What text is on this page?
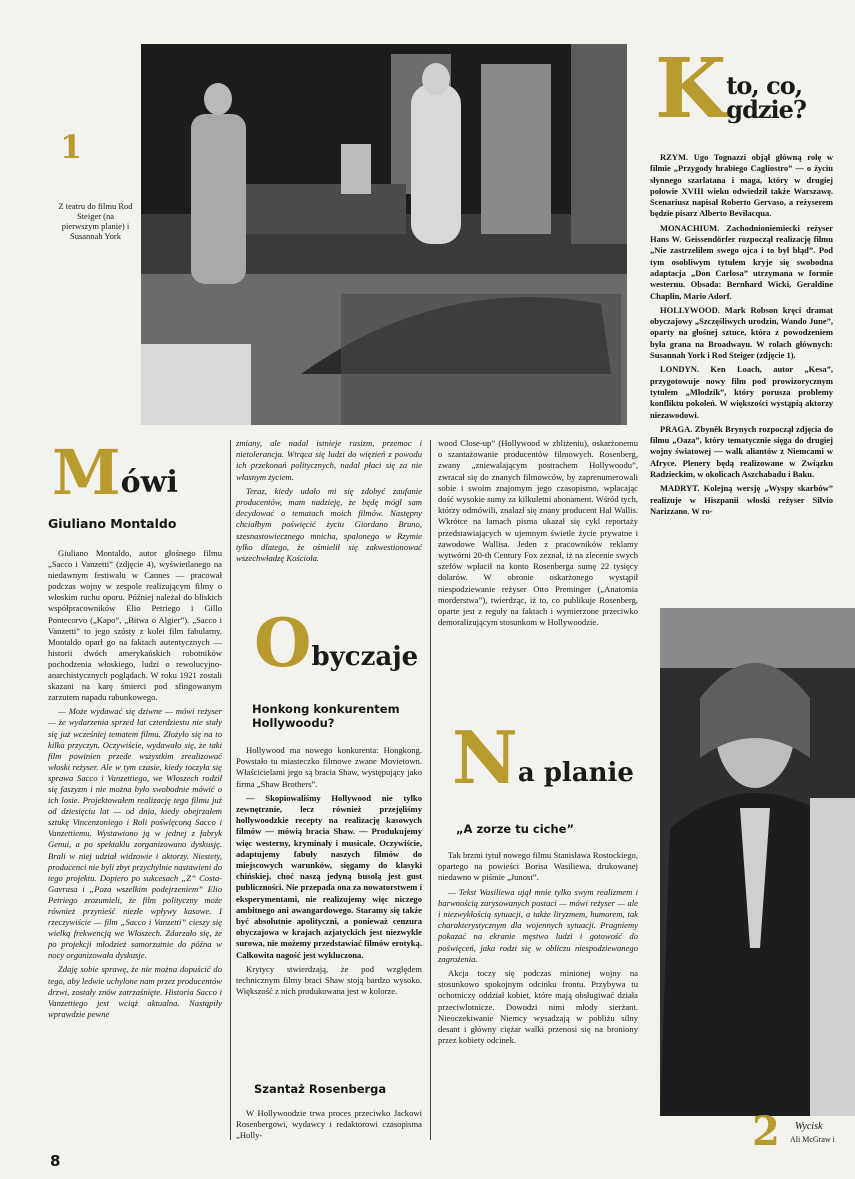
1
Z teatru do filmu Rod Steiger (na pierwszym planie) i Susannah York
K to, co, gdzie?

RZYM. Ugo Tognazzi objął główną rolę w filmie „Przygody hrabiego Cagliostro” — o życiu słynnego szarlatana i maga, który w drugiej połowie XVIII wieku odwiedził także Warszawę. Scenariusz napisał Roberto Gervaso, a reżyserem będzie pisarz Alberto Bevilacqua.

MONACHIUM. Zachodnioniemiecki reżyser Hans W. Geissendörfer rozpoczął realizację filmu „Nie zastrzeliłem swego ojca i to był błąd”. Pod tym osobliwym tytułem kryje się swobodna adaptacja „Don Carlosa” utrzymana w formie westernu. Obsada: Bernhard Wicki, Geraldine Chaplin, Mario Adorf.

HOLLYWOOD. Mark Robson kręci dramat obyczajowy „Szczęśliwych urodzin, Wando June”, oparty na głośnej sztuce, która z powodzeniem była grana na Broadwayu. W rolach głównych: Susannah York i Rod Steiger (zdjęcie 1).

LONDYN. Ken Loach, autor „Kesa”, przygotowuje nowy film pod prowizorycznym tytułem „Młodzik”, który porusza problemy konfliktu pokoleń. W większości wystąpią aktorzy niezawodowi.

PRAGA. Zbyněk Brynych rozpoczął zdjęcia do filmu „Oaza”, który tematycznie sięga do drugiej wojny światowej — walk aliantów z Niemcami w Afryce. Plenery będą realizowane w Związku Radzieckim, w okolicach Aszchabadu i Baku.

MADRYT. Kolejną wersję „Wyspy skarbów” realizuje w Hiszpanii włoski reżyser Silvio Narizzano. W ro-

2 Wycisk
Ali McGraw i
M ówi
Giuliano Montaldo

Giuliano Montaldo, autor głośnego filmu „Sacco i Vanzetti” (zdjęcie 4), wyświetlanego na niedawnym festiwalu w Cannes — pracował podczas wojny w zespole realizującym filmy o włoskim ruchu oporu. Później należał do bliskich współpracowników Elio Petriego i Gillo Pontecorvo („Kapo”, „Bitwa o Algier”). „Sacco i Vanzetti” to jego szósty z kolei film fabularny. Montaldo oparł go na faktach autentycznych — historii dwóch amerykańskich robotników pochodzenia włoskiego, ludzi o rewolucyjno-anarchistycznych poglądach. W roku 1921 zostali skazani na karę śmierci pod sfingowanym zarzutem napadu rabunkowego.

— Może wydawać się dziwne — mówi reżyser — że wydarzenia sprzed lat czterdziestu nie stały się już wcześniej tematem filmu. Złożyło się na to kilka przyczyn. Oczywiście, wydawało się, że taki film powinien przede wszystkim zrealizować włoski reżyser. Ale w tym czasie, kiedy toczyła się sprawa Sacco i Vanzettiego, we Włoszech rodził się faszyzm i nie można było swobodnie mówić o ich losie. Projektowałem realizację tego filmu już od dziesięciu lat — od dnia, kiedy obejrzałem sztukę Vincenzoniego i Roli poświęconą Sacco i Vanzettiemu. Wystawiono ją w jednej z fabryk Genui, a po spektaklu zorganizowano dyskusję. Brali w niej udział widzowie i aktorzy. Niestety, producenci nie byli zbyt przychylnie nastawieni do tego projektu. Dopiero po sukcesach „Z” Costa-Gavrasa i „Poza wszelkim podejrzeniem” Elio Petriego zrozumieli, że film polityczny może również przynieść niezłe wpływy kasowe. I rzeczywiście — film „Sacco i Vanzetti” cieszy się wielką frekwencją we Włoszech. Zdarzało się, że po projekcji młodzież samorzutnie do późna w nocy organizowała dyskusje.

Zdaję sobie sprawę, że nie można dopuścić do tego, aby ledwie uchylone nam przez producentów drzwi, zostały znów zatrzaśnięte. Historia Sacco i Vanzettiego jest wciąż aktualna. Nastąpiły wprawdzie pewne

zmiany, ale nadal istnieje rasizm, przemoc i nietolerancja. Wtrąca się ludzi do więzień z powodu ich przekonań politycznych, nadal płaci się za nie własnym życiem.

Teraz, kiedy udało mi się zdobyć zaufanie producentów, mam nadzieję, że będę mógł sam decydować o tematach moich filmów. Następny chciałbym poświęcić życiu Giordano Bruno, szesnastowiecznego mnicha, spalonego w Rzymie tylko dlatego, że ośmielił się zakwestionować wszechwładzę Kościoła.

O byczaje
Honkong konkurentem Hollywoodu?

Hollywood ma nowego konkurenta: Hongkong. Powstało tu miasteczko filmowe zwane Movietown. Właścicielami jego są bracia Shaw, występujący jako firma „Shaw Brothers”.

— Skopiowaliśmy Hollywood nie tylko zewnętrznie, lecz również przejęliśmy hollywoodzkie recepty na realizację kasowych filmów — mówią bracia Shaw. — Produkujemy więc westerny, kryminały i musicale. Oczywiście, adaptujemy fabuły naszych filmów do miejscowych warunków, sięgamy do klasyki chińskiej, choć naszą jedyną busolą jest gust publiczności. Nie przepada ona za nowatorstwem i eksperymentami, nie realizujemy więc niczego ambitnego ani awangardowego. Staramy się także być absolutnie apolityczni, a ponieważ cenzura obyczajowa w krajach azjatyckich jest niezwykle surowa, nie możemy przedstawiać filmów erotyką. Całkowita nagość jest wykluczona.

Krytycy stwierdzają, że pod względem technicznym filmy braci Shaw stoją bardzo wysoko. Większość z nich produkowana jest w kolorze.

Szantaż Rosenberga

W Hollywoodzie trwa proces przeciwko Jackowi Rosenbergowi, wydawcy i redaktorowi czasopisma „Holly-

wood Close-up” (Hollywood w zbliżeniu), oskarżonemu o szantażowanie producentów filmowych. Rosenberg, zwany „zniewalającym postrachem Hollywoodu”, zwracał się do znanych filmowców, by zaprenumerowali sobie i swoim znajomym jego czasopismo, wpłacając dość wysokie sumy za kilkuletni abonament. Wśród tych, którzy odmówili, znalazł się znany producent Hal Wallis. Wkrótce na łamach pisma ukazał się cykl reportaży przedstawiających w ujemnym świetle życie prywatne i zawodowe Wallisa. Jeden z pracowników reklamy wytwórni 20-th Century Fox zeznał, iż na zlecenie swych szefów wpłacił na konto Rosenberga sumę 22 tysięcy dolarów. W obronie oskarżonego wystąpił niespodziewanie reżyser Otto Preminger („Anatomia morderstwa”), twierdząc, iż to, co publikuje Rosenberg, oparte jest z reguły na faktach i wymierzone przeciwko demoralizującym stosunkom w Hollywoodzie.

N a planie
„A zorze tu ciche”

Tak brzmi tytuł nowego filmu Stanisława Rostockiego, opartego na powieści Borisa Wasiliewa, drukowanej niedawno w piśmie „Junost”.

— Tekst Wasiliewa ujął mnie tylko swym realizmem i barwnością zarysowanych postaci — mówi reżyser — ale i niezwykłością sytuacji, a także liryzmem, humorem, tak charakterystycznym dla wojennych sytuacji. Pragniemy pokazać na ekranie męstwo ludzi i gotowość do poświęceń, jaka rodzi się w obliczu niespodziewanego zagrożenia.

Akcja toczy się podczas minionej wojny na stosunkowo spokojnym odcinku frontu. Przybywa tu ochotniczy oddział kobiet, które mają obsługiwać działa przeciwlotnicze. Dowodzi nimi młody sierżant. Nieoczekiwanie Niemcy wysadzają w pobliżu silny desant i główny ciężar walki przenosi się na broniony przez kobiety odcinek.

8
